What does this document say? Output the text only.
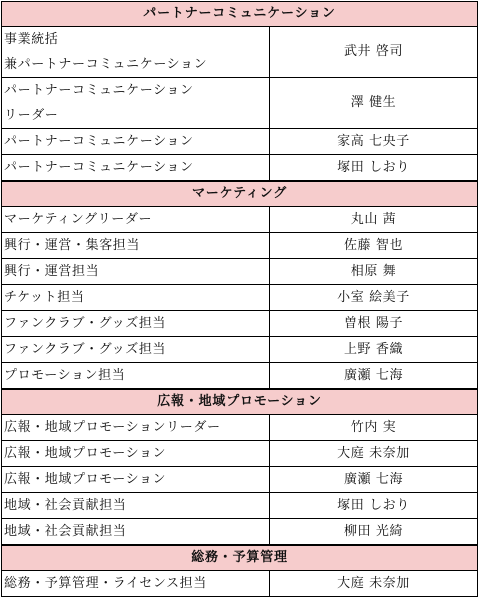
パートナーコミュニケーション	

事業統括
兼パートナーコミュニケーション	武井 啓司

パートナーコミュニケーション
リーダー	澤 健生

パートナーコミュニケーション	家高 七央子

パートナーコミュニケーション	塚田 しおり
マーケティング	

マーケティングリーダー	丸山 茜

興行・運営・集客担当	佐藤 智也

興行・運営担当	相原 舞

チケット担当	小室 絵美子

ファンクラブ・グッズ担当	曽根 陽子

ファンクラブ・グッズ担当	上野 香織

プロモーション担当	廣瀬 七海
広報・地域プロモーション	

広報・地域プロモーションリーダー	竹内 実

広報・地域プロモーション	大庭 未奈加

広報・地域プロモーション	廣瀬 七海

地域・社会貢献担当	塚田 しおり

地域・社会貢献担当	柳田 光綺
総務・予算管理	

総務・予算管理・ライセンス担当	大庭 未奈加
